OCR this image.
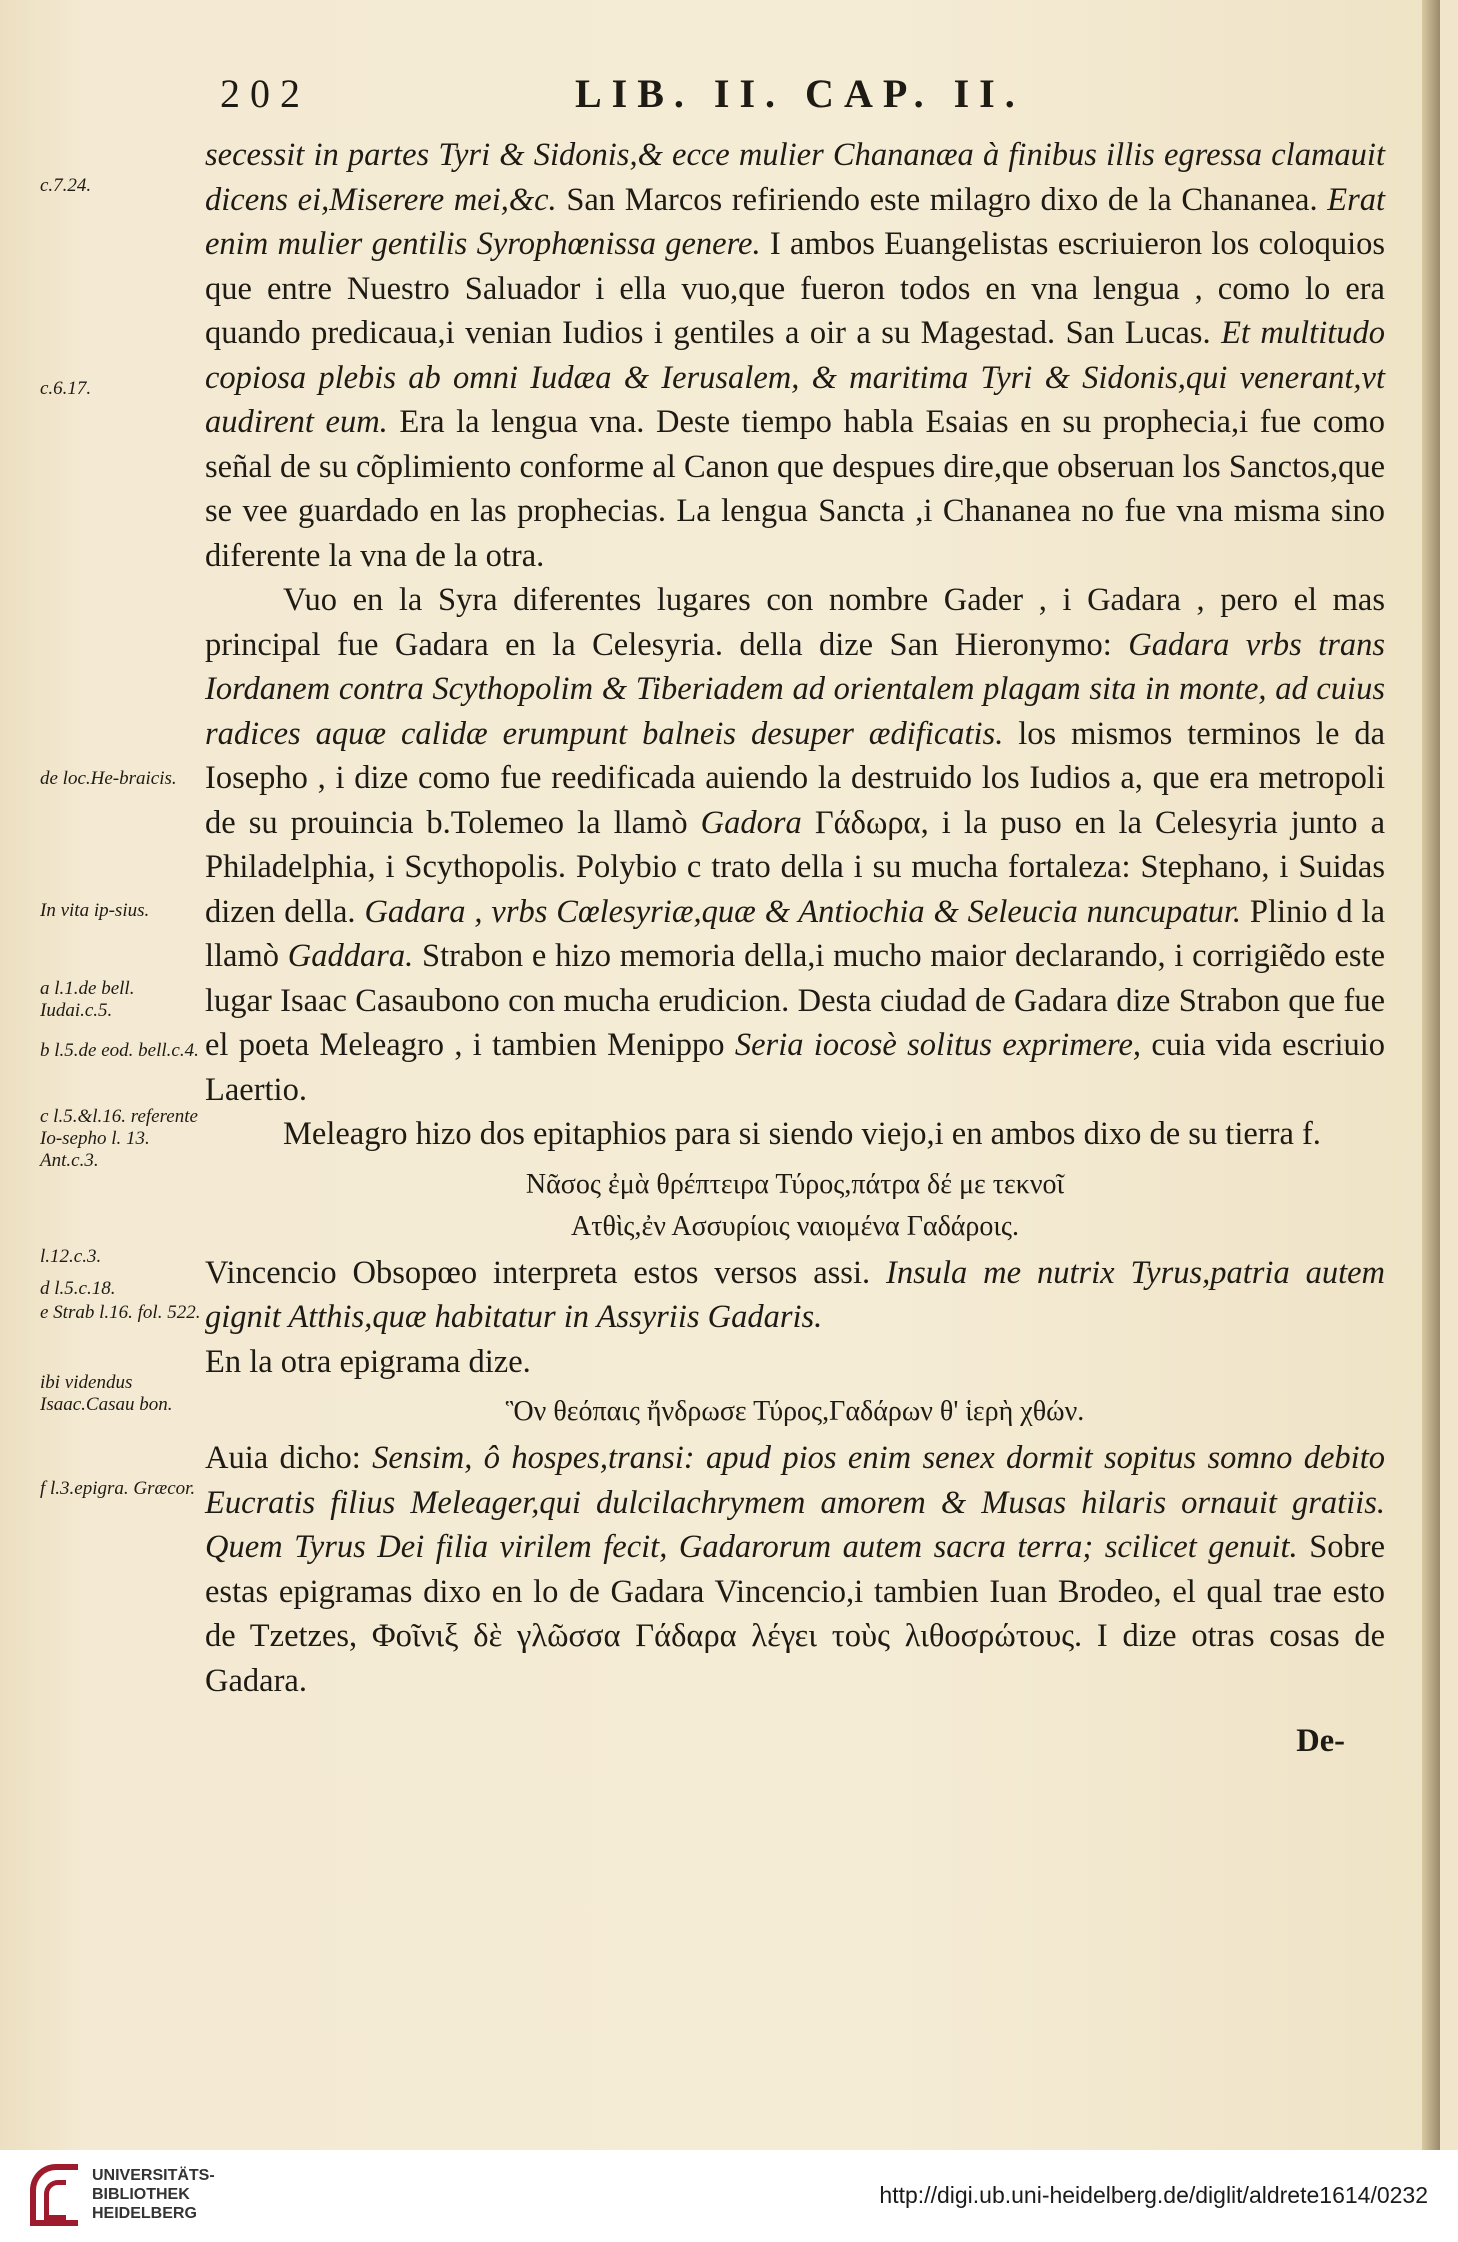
202	LIB. II. CAP. II.
c.7.24.
c.6.17.
de loc.He-braicis.
In vita ip-sius.
a l.1.de bell. Iudai.c.5.
b l.5.de eod. bell.c.4.
c l.5.&l.16. referente Io-sepho l. 13. Ant.c.3.
l.12.c.3.
d l.5.c.18.
e Strab l.16. fol. 522.
ibi videndus Isaac.Casau bon.
f l.3.epigra. Græcor.

secessit in partes Tyri & Sidonis,& ecce mulier Chananæa à finibus illis egressa clamauit dicens ei,Miserere mei,&c. San Marcos refiriendo este milagro dixo de la Chananea. Erat enim mulier gentilis Syrophœnissa genere. I ambos Euangelistas escriuieron los coloquios que entre Nuestro Saluador i ella vuo,que fueron todos en vna lengua , como lo era quando predicaua,i venian Iudios i gentiles a oir a su Magestad. San Lucas. Et multitudo copiosa plebis ab omni Iudæa & Ierusalem, & maritima Tyri & Sidonis,qui venerant,vt audirent eum. Era la lengua vna. Deste tiempo habla Esaias en su prophecia,i fue como señal de su cõplimiento conforme al Canon que despues dire,que obseruan los Sanctos,que se vee guardado en las prophecias. La lengua Sancta ,i Chananea no fue vna misma sino diferente la vna de la otra.

Vuo en la Syra diferentes lugares con nombre Gader , i Gadara , pero el mas principal fue Gadara en la Celesyria. della dize San Hieronymo: Gadara vrbs trans Iordanem contra Scythopolim & Tiberiadem ad orientalem plagam sita in monte, ad cuius radices aquæ calidæ erumpunt balneis desuper ædificatis. los mismos terminos le da Iosepho , i dize como fue reedificada auiendo la destruido los Iudios a, que era metropoli de su prouincia b.Tolemeo la llamò Gadora Γάδωρα, i la puso en la Celesyria junto a Philadelphia, i Scythopolis. Polybio c trato della i su mucha fortaleza: Stephano, i Suidas dizen della. Gadara , vrbs Cœlesyriæ,quæ & Antiochia & Seleucia nuncupatur. Plinio d la llamò Gaddara. Strabon e hizo memoria della,i mucho maior declarando, i corrigiẽdo este lugar Isaac Casaubono con mucha erudicion. Desta ciudad de Gadara dize Strabon que fue el poeta Meleagro , i tambien Menippo Seria iocosè solitus exprimere, cuia vida escriuio Laertio.

Meleagro hizo dos epitaphios para si siendo viejo,i en ambos dixo de su tierra f.

Νᾶσος ἐμὰ θρέπτειρα Τύρος,πάτρα δέ με τεκνοῖ
Ατθὶς,ἐν Ασσυρίοις ναιομένα Γαδάροις.

Vincencio Obsopœo interpreta estos versos assi. Insula me nutrix Tyrus,patria autem gignit Atthis,quæ habitatur in Assyriis Gadaris.

En la otra epigrama dize.

Ὃν θεόπαις ἤνδρωσε Τύρος,Γαδάρων θ' ἱερὴ χθών.

Auia dicho: Sensim, ô hospes,transi: apud pios enim senex dormit sopitus somno debito Eucratis filius Meleager,qui dulcilachrymem amorem & Musas hilaris ornauit gratiis. Quem Tyrus Dei filia virilem fecit, Gadarorum autem sacra terra; scilicet genuit. Sobre estas epigramas dixo en lo de Gadara Vincencio,i tambien Iuan Brodeo, el qual trae esto de Tzetzes, Φοῖνιξ δὲ γλῶσσα Γάδαρα λέγει τοὺς λιθοσρώτους. I dize otras cosas de Gadara.

De-
UNIVERSITÄTS-
BIBLIOTHEK
HEIDELBERG
http://digi.ub.uni-heidelberg.de/diglit/aldrete1614/0232
